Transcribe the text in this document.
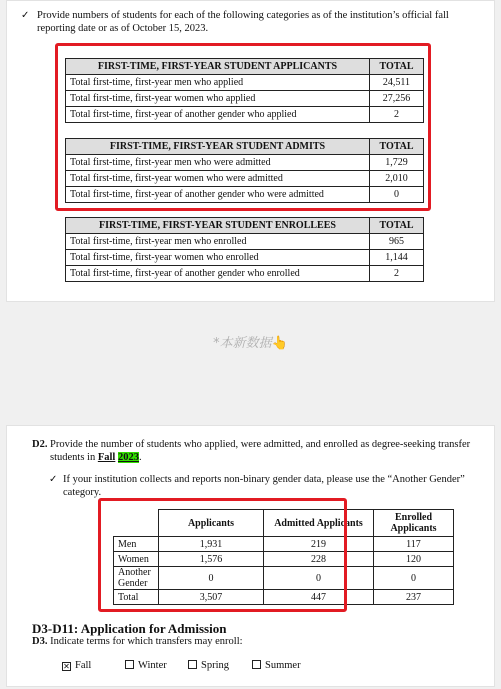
✓ Provide numbers of students for each of the following categories as of the institution’s official fall reporting date or as of October 15, 2023.
FIRST-TIME, FIRST-YEAR STUDENT APPLICANTS	TOTAL
Total first-time, first-year men who applied	24,511
Total first-time, first-year women who applied	27,256
Total first-time, first-year of another gender who applied	2
FIRST-TIME, FIRST-YEAR STUDENT ADMITS	TOTAL
Total first-time, first-year men who were admitted	1,729
Total first-time, first-year women who were admitted	2,010
Total first-time, first-year of another gender who were admitted	0
FIRST-TIME, FIRST-YEAR STUDENT ENROLLEES	TOTAL
Total first-time, first-year men who enrolled	965
Total first-time, first-year women who enrolled	1,144
Total first-time, first-year of another gender who enrolled	2
*本新数据👆
D2. Provide the number of students who applied, were admitted, and enrolled as degree-seeking transfer students in Fall 2023.
✓ If your institution collects and reports non-binary gender data, please use the “Another Gender” category.
	Applicants	Admitted Applicants	Enrolled Applicants
Men	1,931	219	117
Women	1,576	228	120
Another Gender	0	0	0
Total	3,507	447	237
D3-D11: Application for Admission
D3. Indicate terms for which transfers may enroll:
✕ Fall	Winter	Spring	Summer
